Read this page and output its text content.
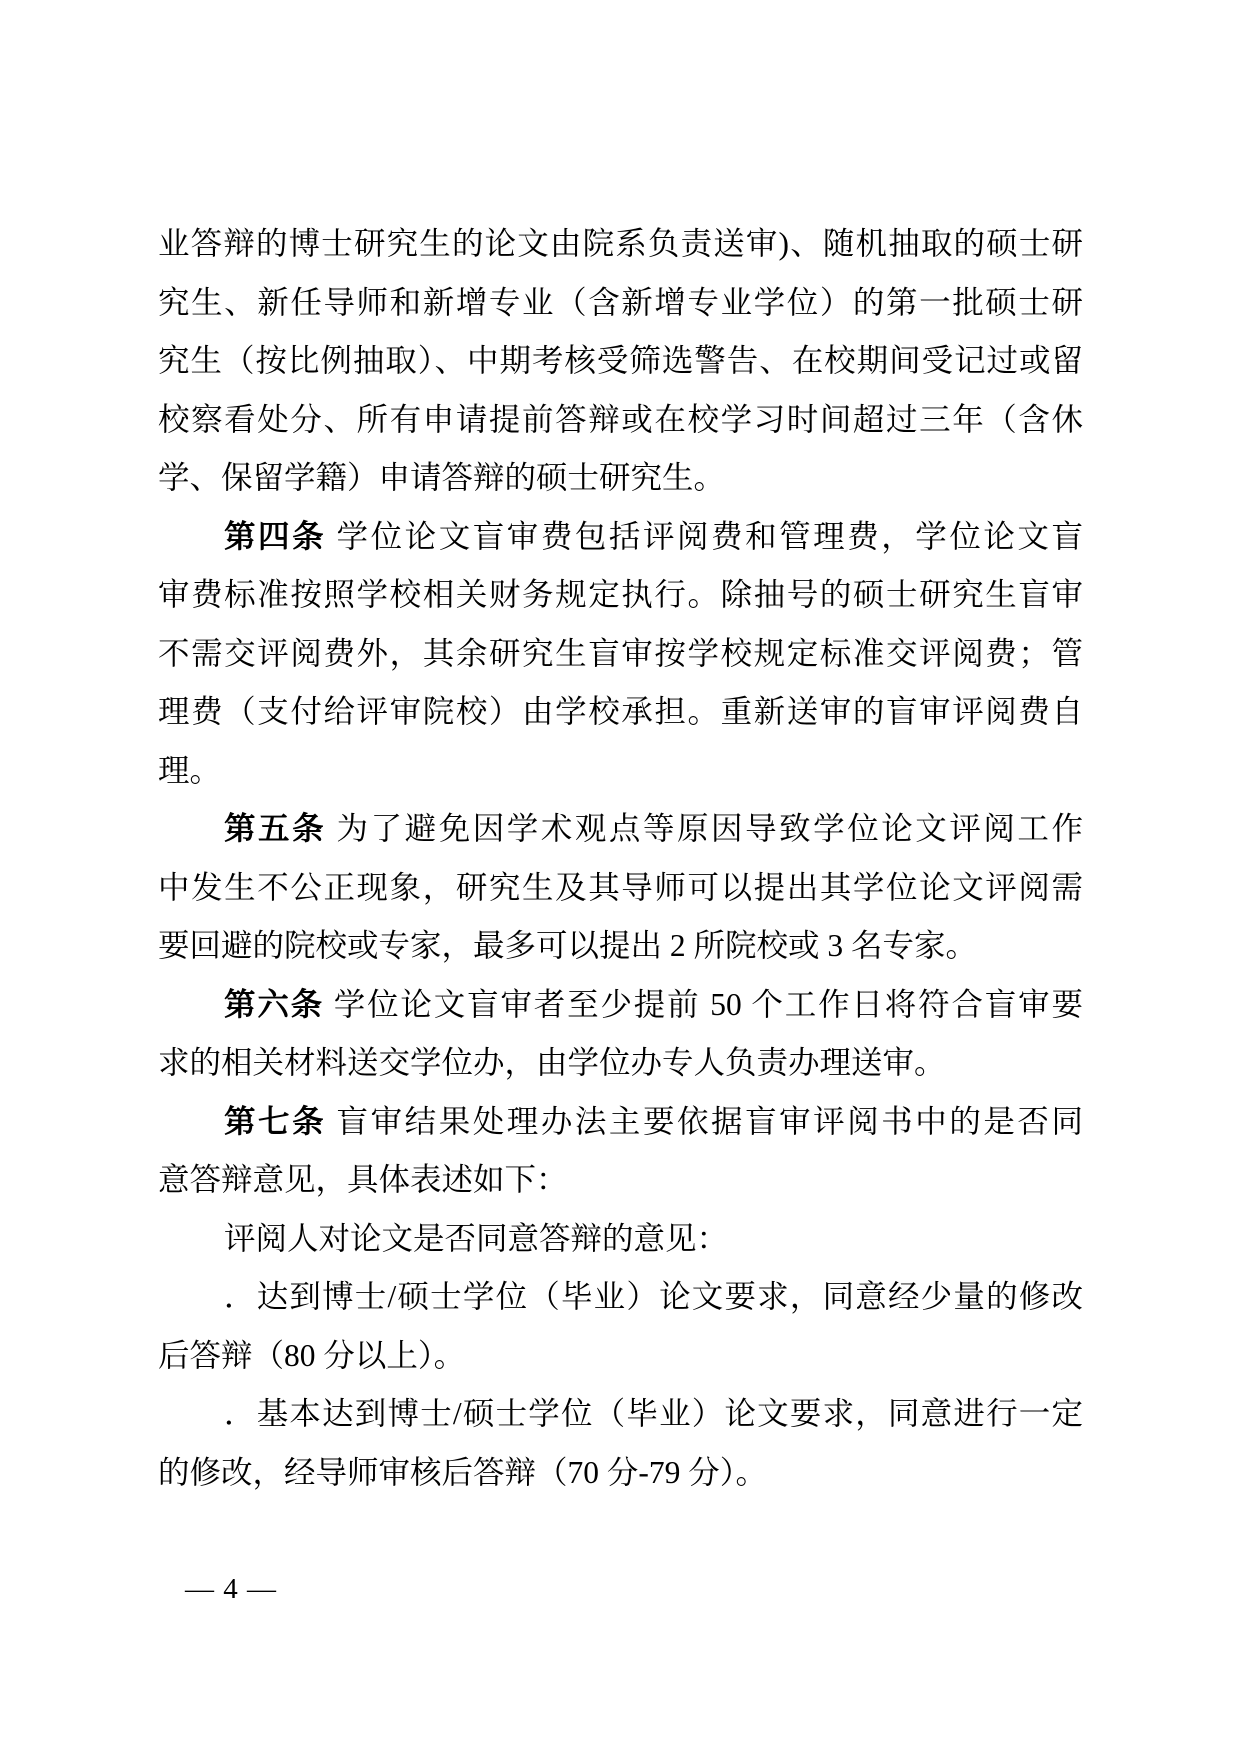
业答辩的博士研究生的论文由院系负责送审)、随机抽取的硕士研
究生、新任导师和新增专业（含新增专业学位）的第一批硕士研
究生（按比例抽取）、中期考核受筛选警告、在校期间受记过或留
校察看处分、所有申请提前答辩或在校学习时间超过三年（含休
学、保留学籍）申请答辩的硕士研究生。
第四条 学位论文盲审费包括评阅费和管理费，学位论文盲
审费标准按照学校相关财务规定执行。除抽号的硕士研究生盲审
不需交评阅费外，其余研究生盲审按学校规定标准交评阅费；管
理费（支付给评审院校）由学校承担。重新送审的盲审评阅费自
理。
第五条 为了避免因学术观点等原因导致学位论文评阅工作
中发生不公正现象，研究生及其导师可以提出其学位论文评阅需
要回避的院校或专家，最多可以提出 2 所院校或 3 名专家。
第六条 学位论文盲审者至少提前 50 个工作日将符合盲审要
求的相关材料送交学位办，由学位办专人负责办理送审。
第七条 盲审结果处理办法主要依据盲审评阅书中的是否同
意答辩意见，具体表述如下：
评阅人对论文是否同意答辩的意见：
．达到博士/硕士学位（毕业）论文要求，同意经少量的修改
后答辩（80 分以上）。
．基本达到博士/硕士学位（毕业）论文要求，同意进行一定
的修改，经导师审核后答辩（70 分-79 分）。
— 4 —
